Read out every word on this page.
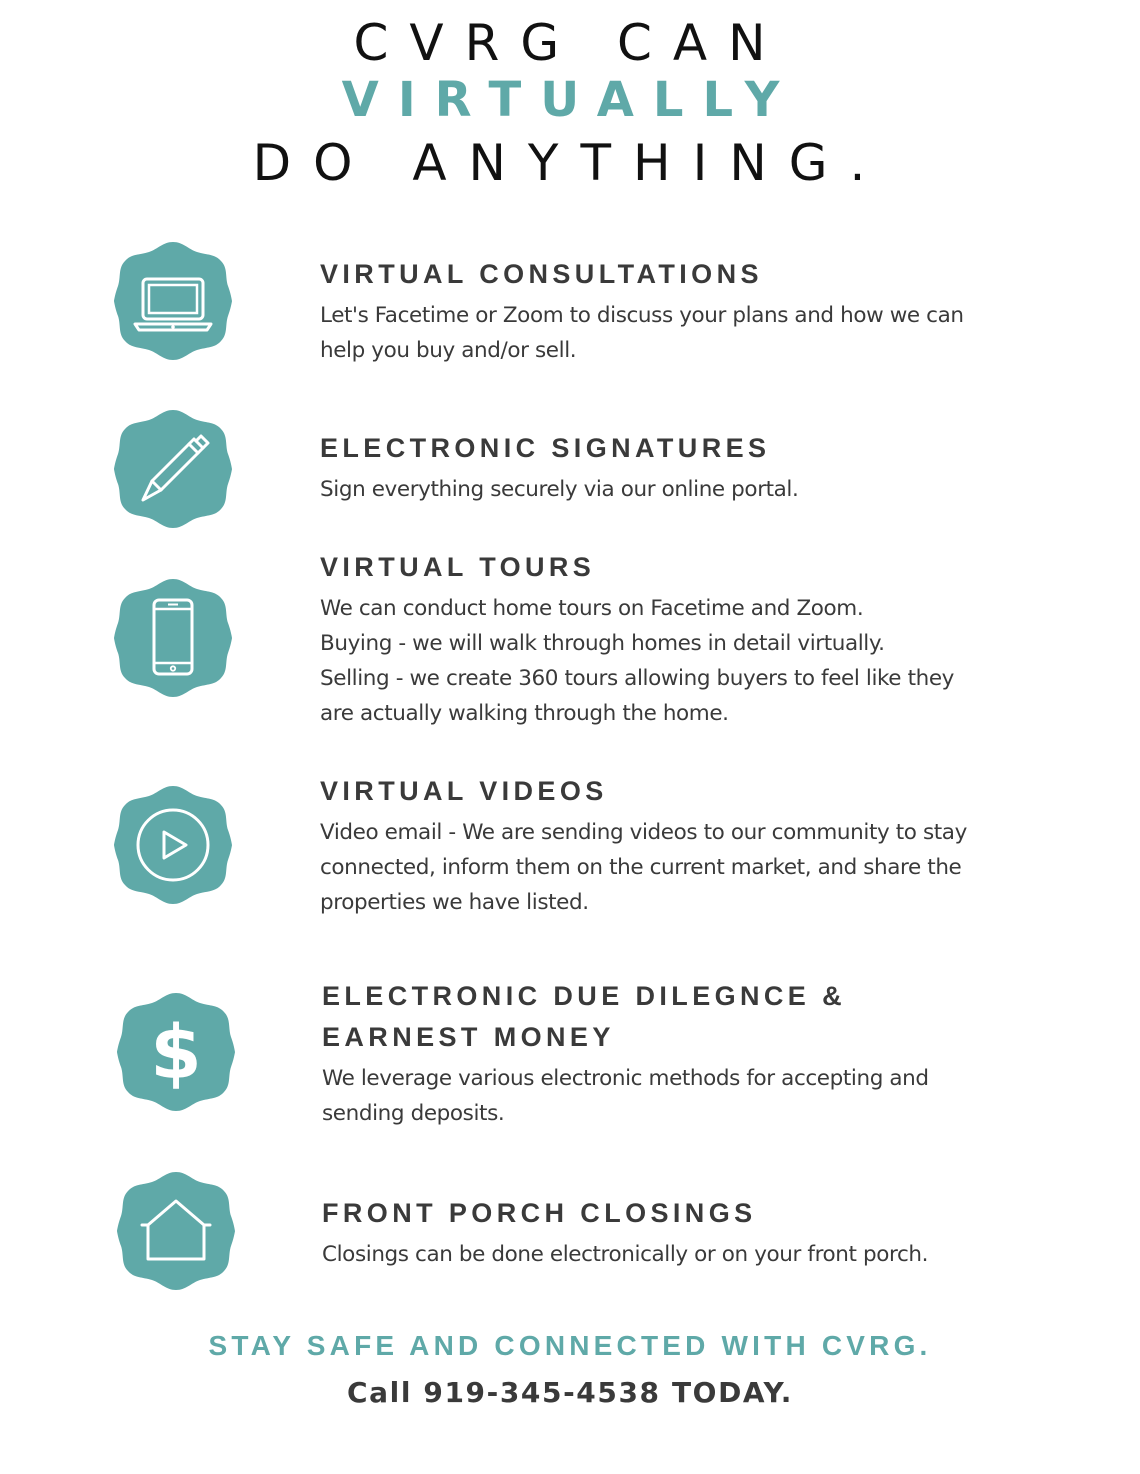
CVRG CAN
VIRTUALLY
DO ANYTHING.
VIRTUAL CONSULTATIONS

Let's Facetime or Zoom to discuss your plans and how we can
help you buy and/or sell.

ELECTRONIC SIGNATURES

Sign everything securely via our online portal.

VIRTUAL TOURS

We can conduct home tours on Facetime and Zoom.
Buying - we will walk through homes in detail virtually.
Selling - we create 360 tours allowing buyers to feel like they
are actually walking through the home.

VIRTUAL VIDEOS

Video email - We are sending videos to our community to stay
connected, inform them on the current market, and share the
properties we have listed.

$
ELECTRONIC DUE DILEGNCE &
EARNEST MONEY

We leverage various electronic methods for accepting and
sending deposits.

FRONT PORCH CLOSINGS

Closings can be done electronically or on your front porch.

STAY SAFE AND CONNECTED WITH CVRG.

Call 919-345-4538 TODAY.
